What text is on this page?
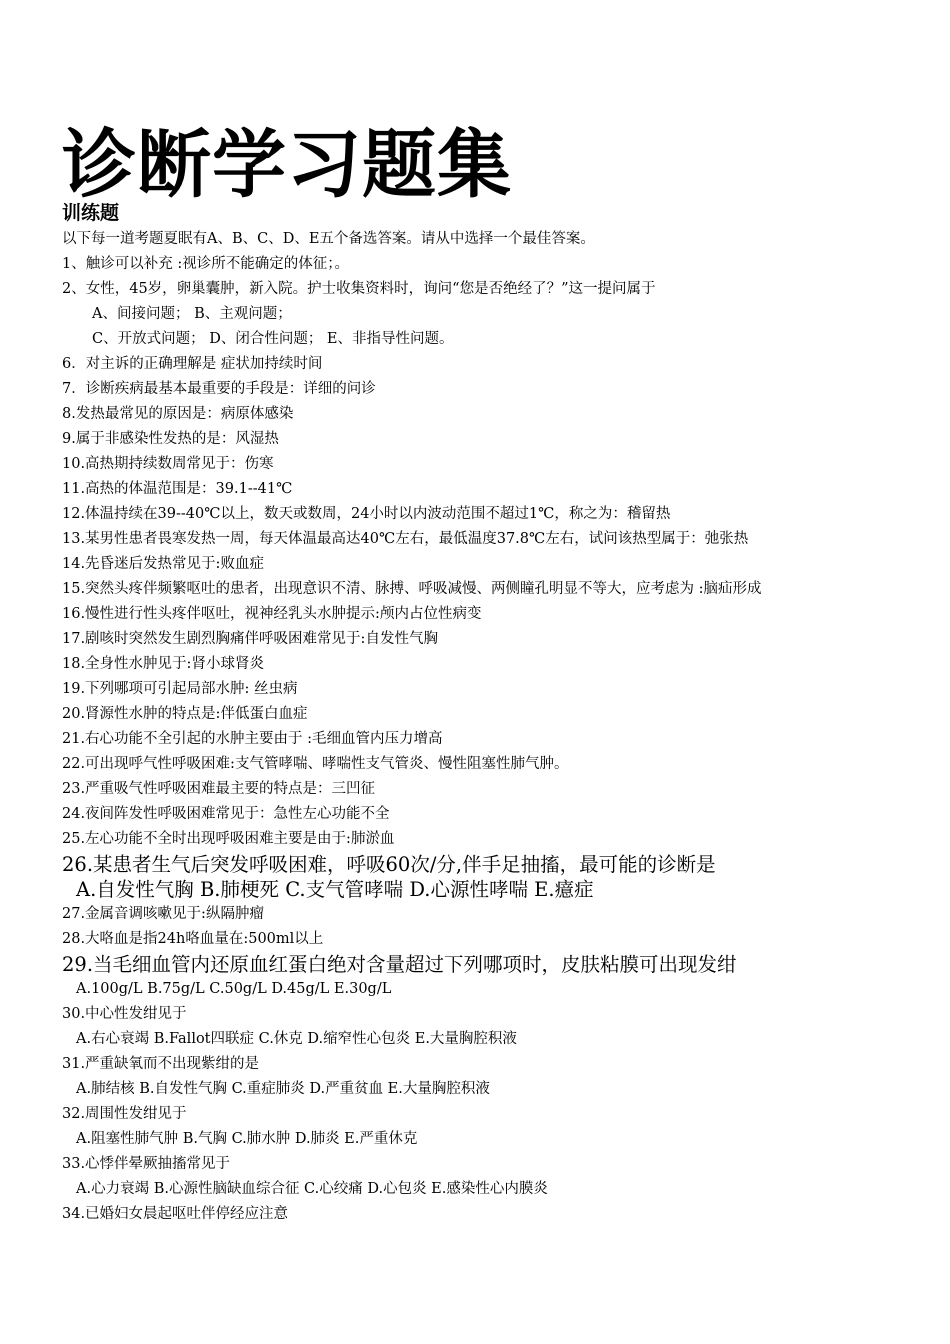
诊断学习题集
训练题
以下每一道考题夏眠有A、B、C、D、E五个备选答案。请从中选择一个最佳答案。
1、触诊可以补充 :视诊所不能确定的体征；。
2、女性，45岁，卵巢囊肿，新入院。护士收集资料时，询问“您是否绝经了？”这一提问属于
A、间接问题； B、主观问题；
C、开放式问题； D、闭合性问题； E、非指导性问题。
6．对主诉的正确理解是 症状加持续时间
7．诊断疾病最基本最重要的手段是：详细的问诊
8.发热最常见的原因是：病原体感染
9.属于非感染性发热的是：风湿热
10.高热期持续数周常见于：伤寒
11.高热的体温范围是：39.1--41℃
12.体温持续在39--40℃以上，数天或数周，24小时以内波动范围不超过1℃，称之为：稽留热
13.某男性患者畏寒发热一周，每天体温最高达40℃左右，最低温度37.8℃左右，试问该热型属于：弛张热
14.先昏迷后发热常见于:败血症
15.突然头疼伴频繁呕吐的患者，出现意识不清、脉搏、呼吸减慢、两侧瞳孔明显不等大，应考虑为 :脑疝形成
16.慢性进行性头疼伴呕吐，视神经乳头水肿提示:颅内占位性病变
17.剧咳时突然发生剧烈胸痛伴呼吸困难常见于:自发性气胸
18.全身性水肿见于:肾小球肾炎
19.下列哪项可引起局部水肿: 丝虫病
20.肾源性水肿的特点是:伴低蛋白血症
21.右心功能不全引起的水肿主要由于 :毛细血管内压力增高
22.可出现呼气性呼吸困难:支气管哮喘、哮喘性支气管炎、慢性阻塞性肺气肿。
23.严重吸气性呼吸困难最主要的特点是：三凹征
24.夜间阵发性呼吸困难常见于：急性左心功能不全
25.左心功能不全时出现呼吸困难主要是由于:肺淤血
26.某患者生气后突发呼吸困难，呼吸60次/分,伴手足抽搐，最可能的诊断是
A.自发性气胸 B.肺梗死 C.支气管哮喘 D.心源性哮喘 E.癔症
27.金属音调咳嗽见于:纵隔肿瘤
28.大咯血是指24h咯血量在:500ml以上
29.当毛细血管内还原血红蛋白绝对含量超过下列哪项时，皮肤粘膜可出现发绀
A.100g/L B.75g/L C.50g/L D.45g/L E.30g/L
30.中心性发绀见于
A.右心衰竭 B.Fallot四联症 C.休克 D.缩窄性心包炎 E.大量胸腔积液
31.严重缺氧而不出现紫绀的是
A.肺结核 B.自发性气胸 C.重症肺炎 D.严重贫血 E.大量胸腔积液
32.周围性发绀见于
A.阻塞性肺气肿 B.气胸 C.肺水肿 D.肺炎 E.严重休克
33.心悸伴晕厥抽搐常见于
A.心力衰竭 B.心源性脑缺血综合征 C.心绞痛 D.心包炎 E.感染性心内膜炎
34.已婚妇女晨起呕吐伴停经应注意
